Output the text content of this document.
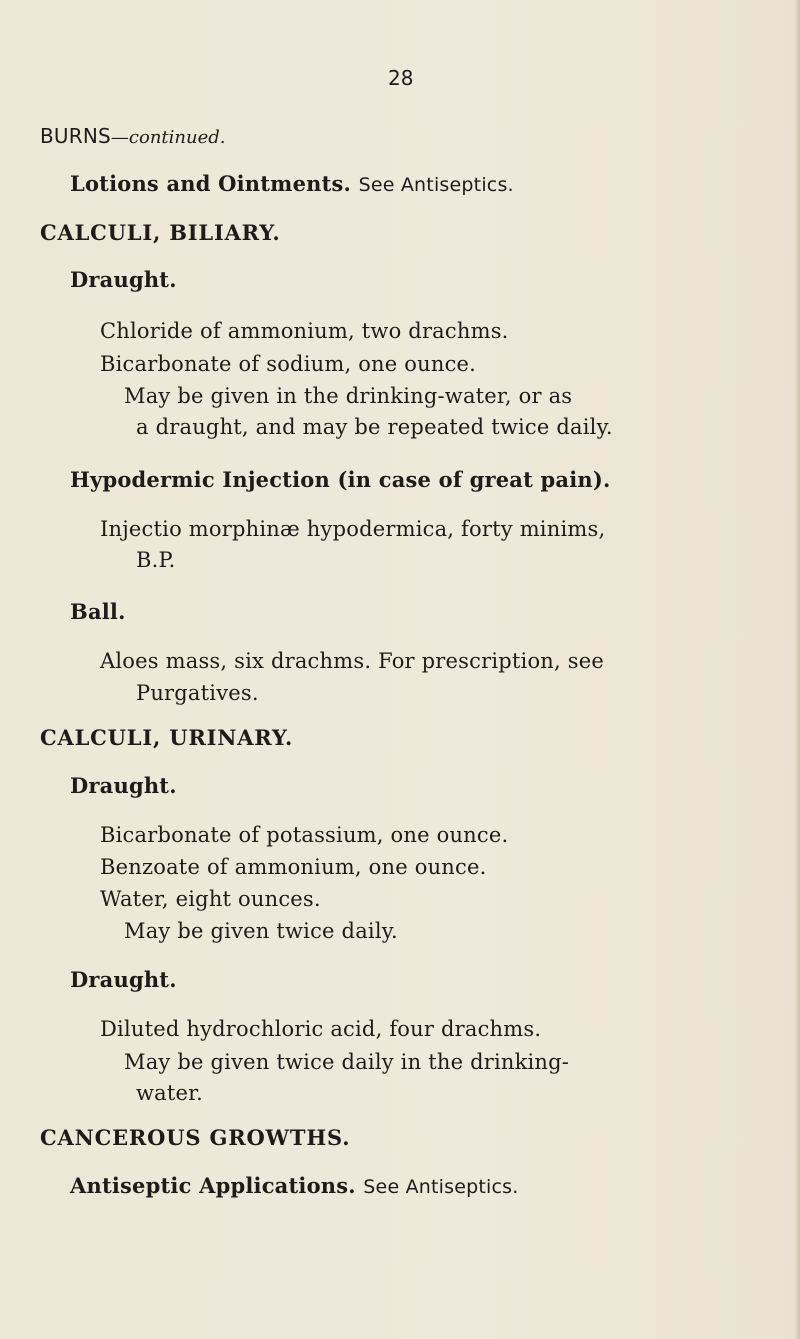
28
BURNS—continued.
Lotions and Ointments. See Antiseptics.
CALCULI, BILIARY.
Draught.
Chloride of ammonium, two drachms.
Bicarbonate of sodium, one ounce.
May be given in the drinking-water, or as
a draught, and may be repeated twice daily.
Hypodermic Injection (in case of great pain).
Injectio morphinæ hypodermica, forty minims,
B.P.
Ball.
Aloes mass, six drachms. For prescription, see
Purgatives.
CALCULI, URINARY.
Draught.
Bicarbonate of potassium, one ounce.
Benzoate of ammonium, one ounce.
Water, eight ounces.
May be given twice daily.
Draught.
Diluted hydrochloric acid, four drachms.
May be given twice daily in the drinking-
water.
CANCEROUS GROWTHS.
Antiseptic Applications. See Antiseptics.
